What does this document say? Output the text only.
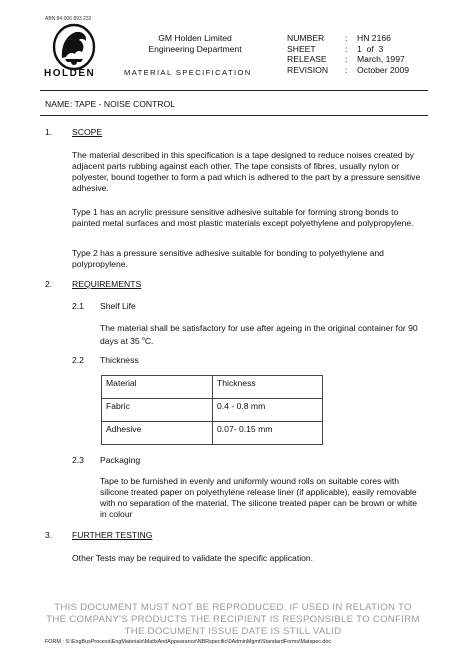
ABN 84 006 893 232
HOLDEN
GM Holden Limited
Engineering Department
MATERIAL SPECIFICATION
NUMBER	:	HN 2166
SHEET	:	1  of  3
RELEASE	:	March, 1997
REVISION	:	October 2009
NAME: TAPE - NOISE CONTROL
1. SCOPE
The material described in this specification is a tape designed to reduce noises created by adjacent parts rubbing against each other. The tape consists of fibres, usually nylon or polyester, bound together to form a pad which is adhered to the part by a pressure sensitive adhesive.
Type 1 has an acrylic pressure sensitive adhesive suitable for forming strong bonds to painted metal surfaces and most plastic materials except polyethylene and polypropylene.
Type 2 has a pressure sensitive adhesive suitable for bonding to polyethylene and polypropylene.
2. REQUIREMENTS
2.1 Shelf Life
The material shall be satisfactory for use after ageing in the original container for 90 days at 35 $^o$C.
2.2 Thickness
Material	Thickness
Fabric	0.4 - 0.8 mm
Adhesive	0.07- 0.15 mm
2.3 Packaging
Tape to be furnished in evenly and uniformly wound rolls on suitable cores with silicone treated paper on polyethylene release liner (if applicable), easily removable with no separation of the material. The silicone treated paper can be brown or white in colour
3. FURTHER TESTING
Other Tests may be required to validate the specific application.
THIS DOCUMENT MUST NOT BE REPRODUCED. IF USED IN RELATION TO
THE COMPANY'S PRODUCTS THE RECIPIENT IS RESPONSIBLE TO CONFIRM
THE DOCUMENT ISSUE DATE IS STILL VALID
FORM : S:\EngBusProcess\EngMaterials\MatlsAndAppearance\NBRspecific\0AdminMgmt\StandardForms\Matspec.doc
